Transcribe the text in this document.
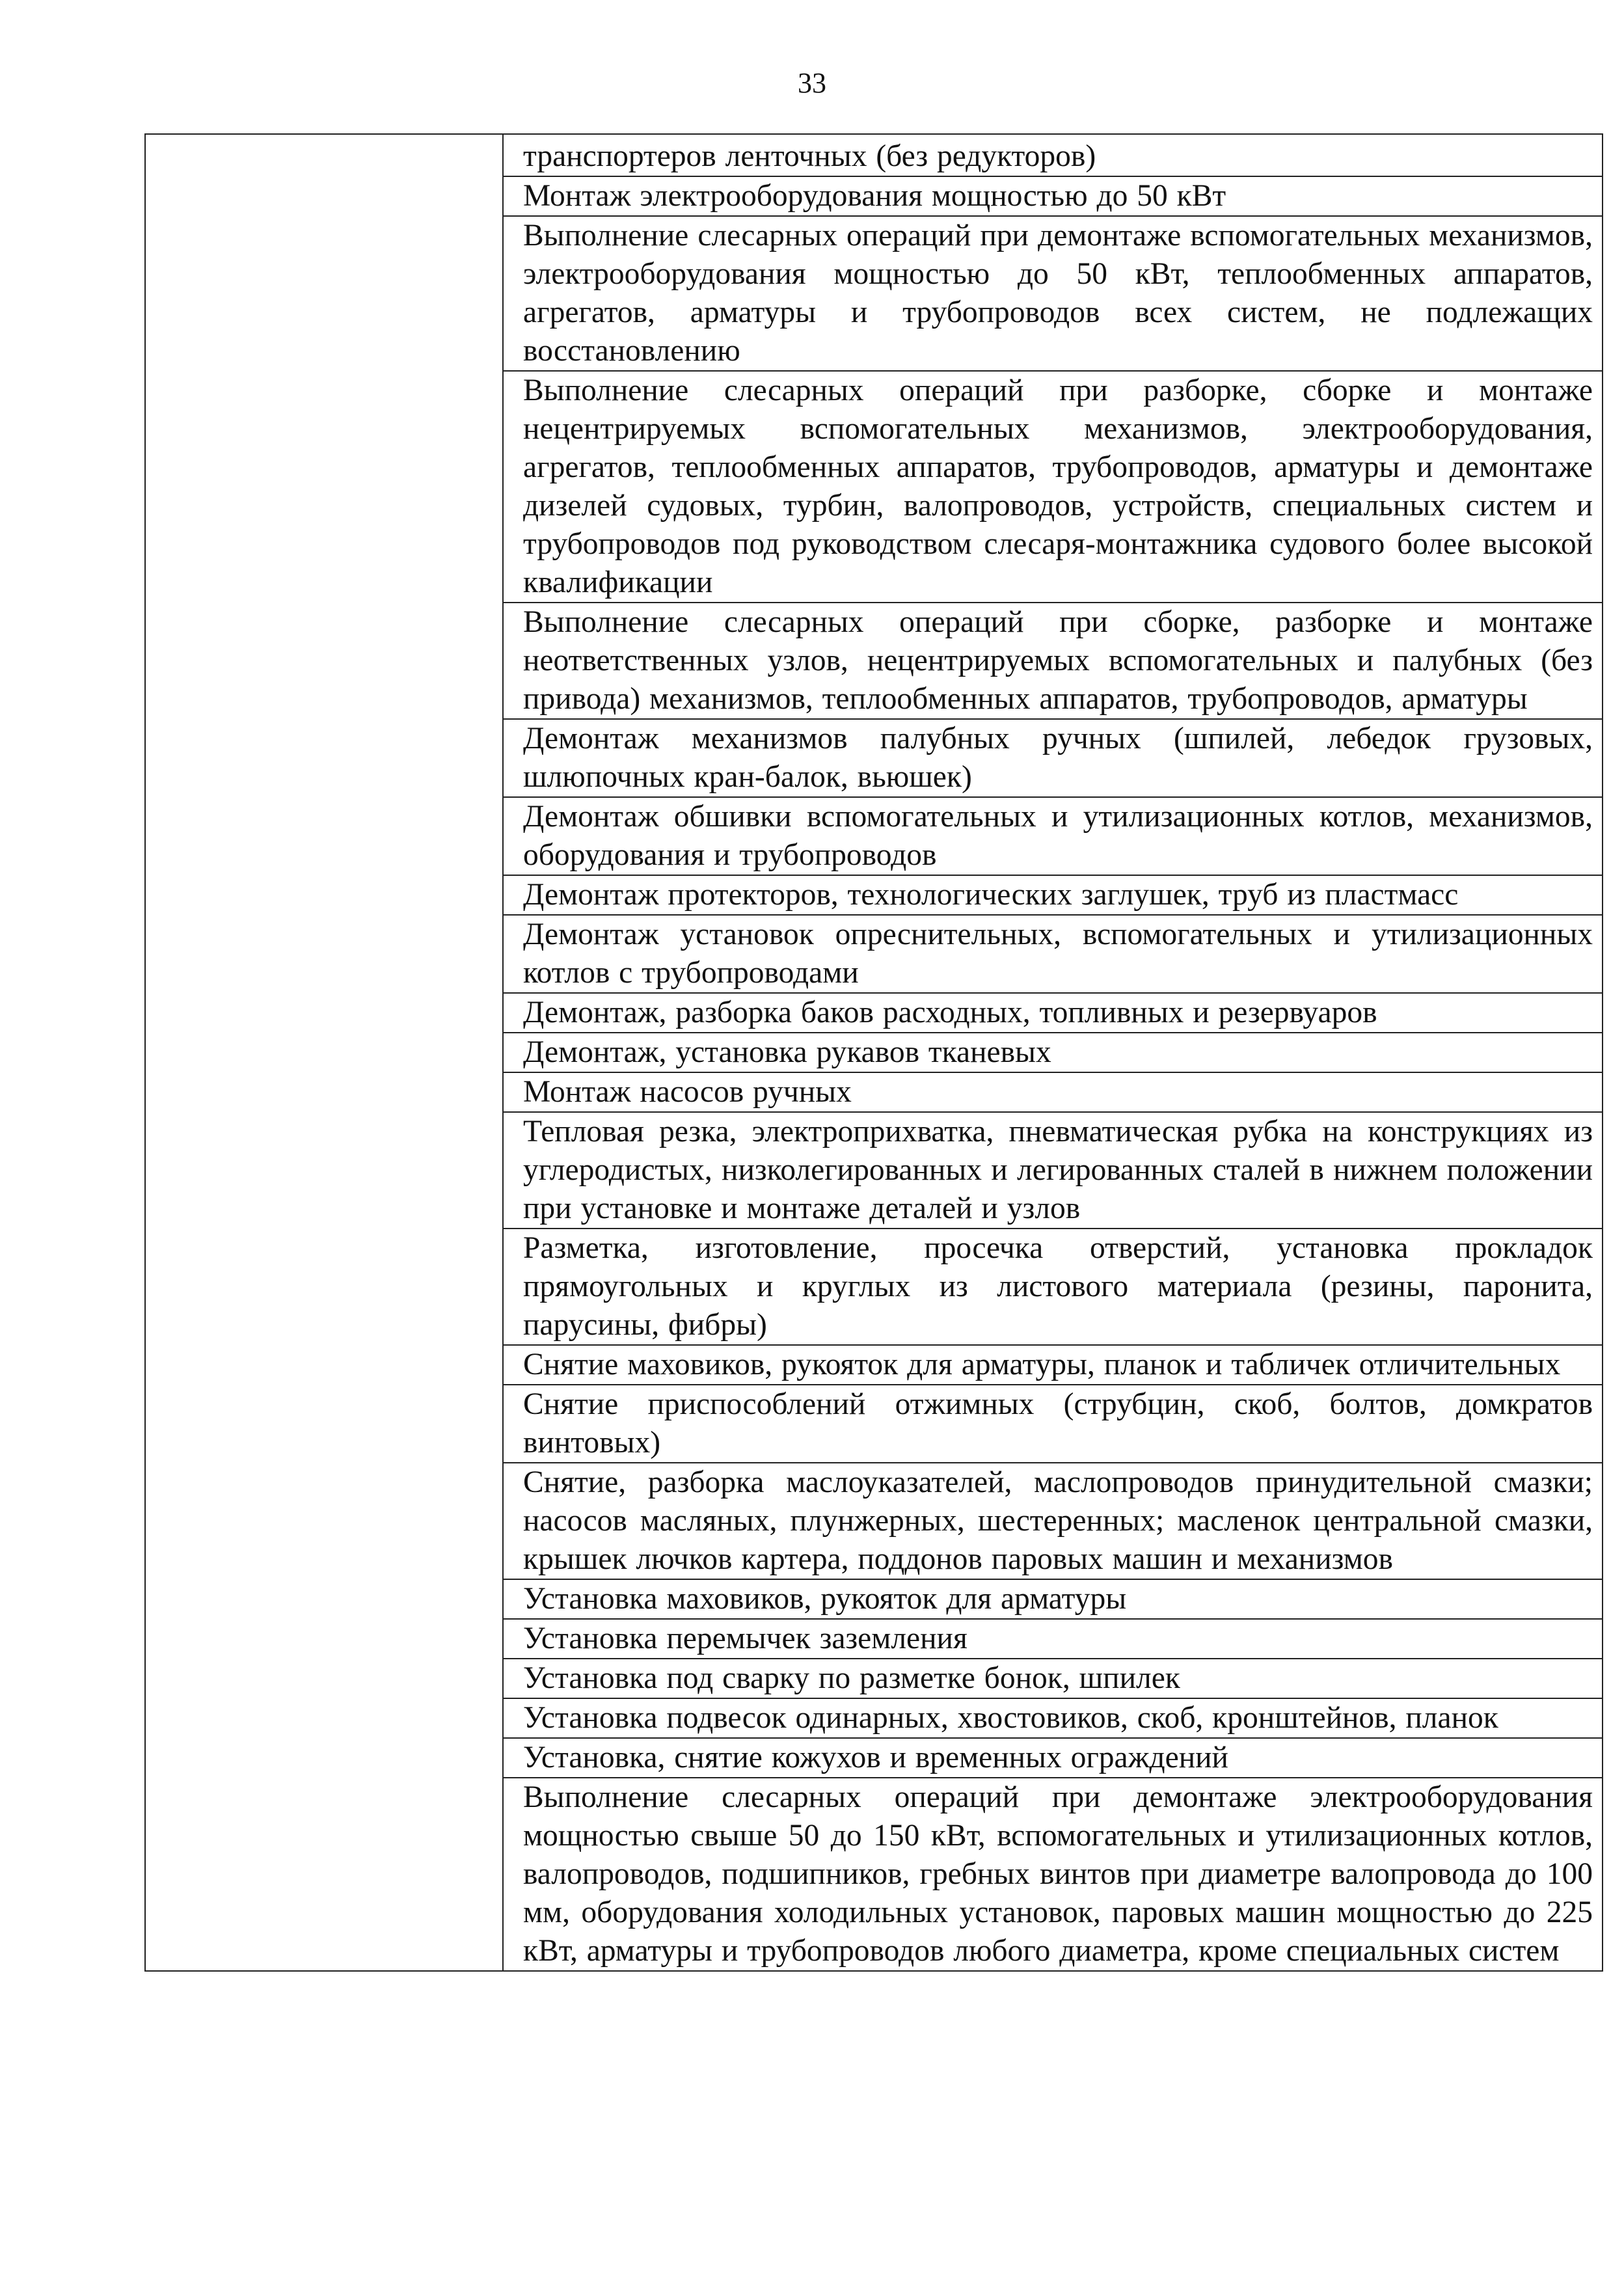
33

транспортеров ленточных (без редукторов)

Монтаж электрооборудования мощностью до 50 кВт

Выполнение слесарных операций при демонтаже вспомогательных механизмов, электрооборудования мощностью до 50 кВт, теплообменных аппаратов, агрегатов, арматуры и трубопроводов всех систем, не подлежащих восстановлению

Выполнение слесарных операций при разборке, сборке и монтаже нецентрируемых вспомогательных механизмов, электрооборудования, агрегатов, теплообменных аппаратов, трубопроводов, арматуры и демонтаже дизелей судовых, турбин, валопроводов, устройств, специальных систем и трубопроводов под руководством слесаря-монтажника судового более высокой квалификации

Выполнение слесарных операций при сборке, разборке и монтаже неответственных узлов, нецентрируемых вспомогательных и палубных (без привода) механизмов, теплообменных аппаратов, трубопроводов, арматуры

Демонтаж механизмов палубных ручных (шпилей, лебедок грузовых, шлюпочных кран-балок, вьюшек)

Демонтаж обшивки вспомогательных и утилизационных котлов, механизмов, оборудования и трубопроводов

Демонтаж протекторов, технологических заглушек, труб из пластмасс

Демонтаж установок опреснительных, вспомогательных и утилизационных котлов с трубопроводами

Демонтаж, разборка баков расходных, топливных и резервуаров

Демонтаж, установка рукавов тканевых

Монтаж насосов ручных

Тепловая резка, электроприхватка, пневматическая рубка на конструкциях из углеродистых, низколегированных и легированных сталей в нижнем положении при установке и монтаже деталей и узлов

Разметка, изготовление, просечка отверстий, установка прокладок прямоугольных и круглых из листового материала (резины, паронита, парусины, фибры)

Снятие маховиков, рукояток для арматуры, планок и табличек отличительных

Снятие приспособлений отжимных (струбцин, скоб, болтов, домкратов винтовых)

Снятие, разборка маслоуказателей, маслопроводов принудительной смазки; насосов масляных, плунжерных, шестеренных; масленок центральной смазки, крышек лючков картера, поддонов паровых машин и механизмов

Установка маховиков, рукояток для арматуры

Установка перемычек заземления

Установка под сварку по разметке бонок, шпилек

Установка подвесок одинарных, хвостовиков, скоб, кронштейнов, планок

Установка, снятие кожухов и временных ограждений

Выполнение слесарных операций при демонтаже электрооборудования мощностью свыше 50 до 150 кВт, вспомогательных и утилизационных котлов, валопроводов, подшипников, гребных винтов при диаметре валопровода до 100 мм, оборудования холодильных установок, паровых машин мощностью до 225 кВт, арматуры и трубопроводов любого диаметра, кроме специальных систем
